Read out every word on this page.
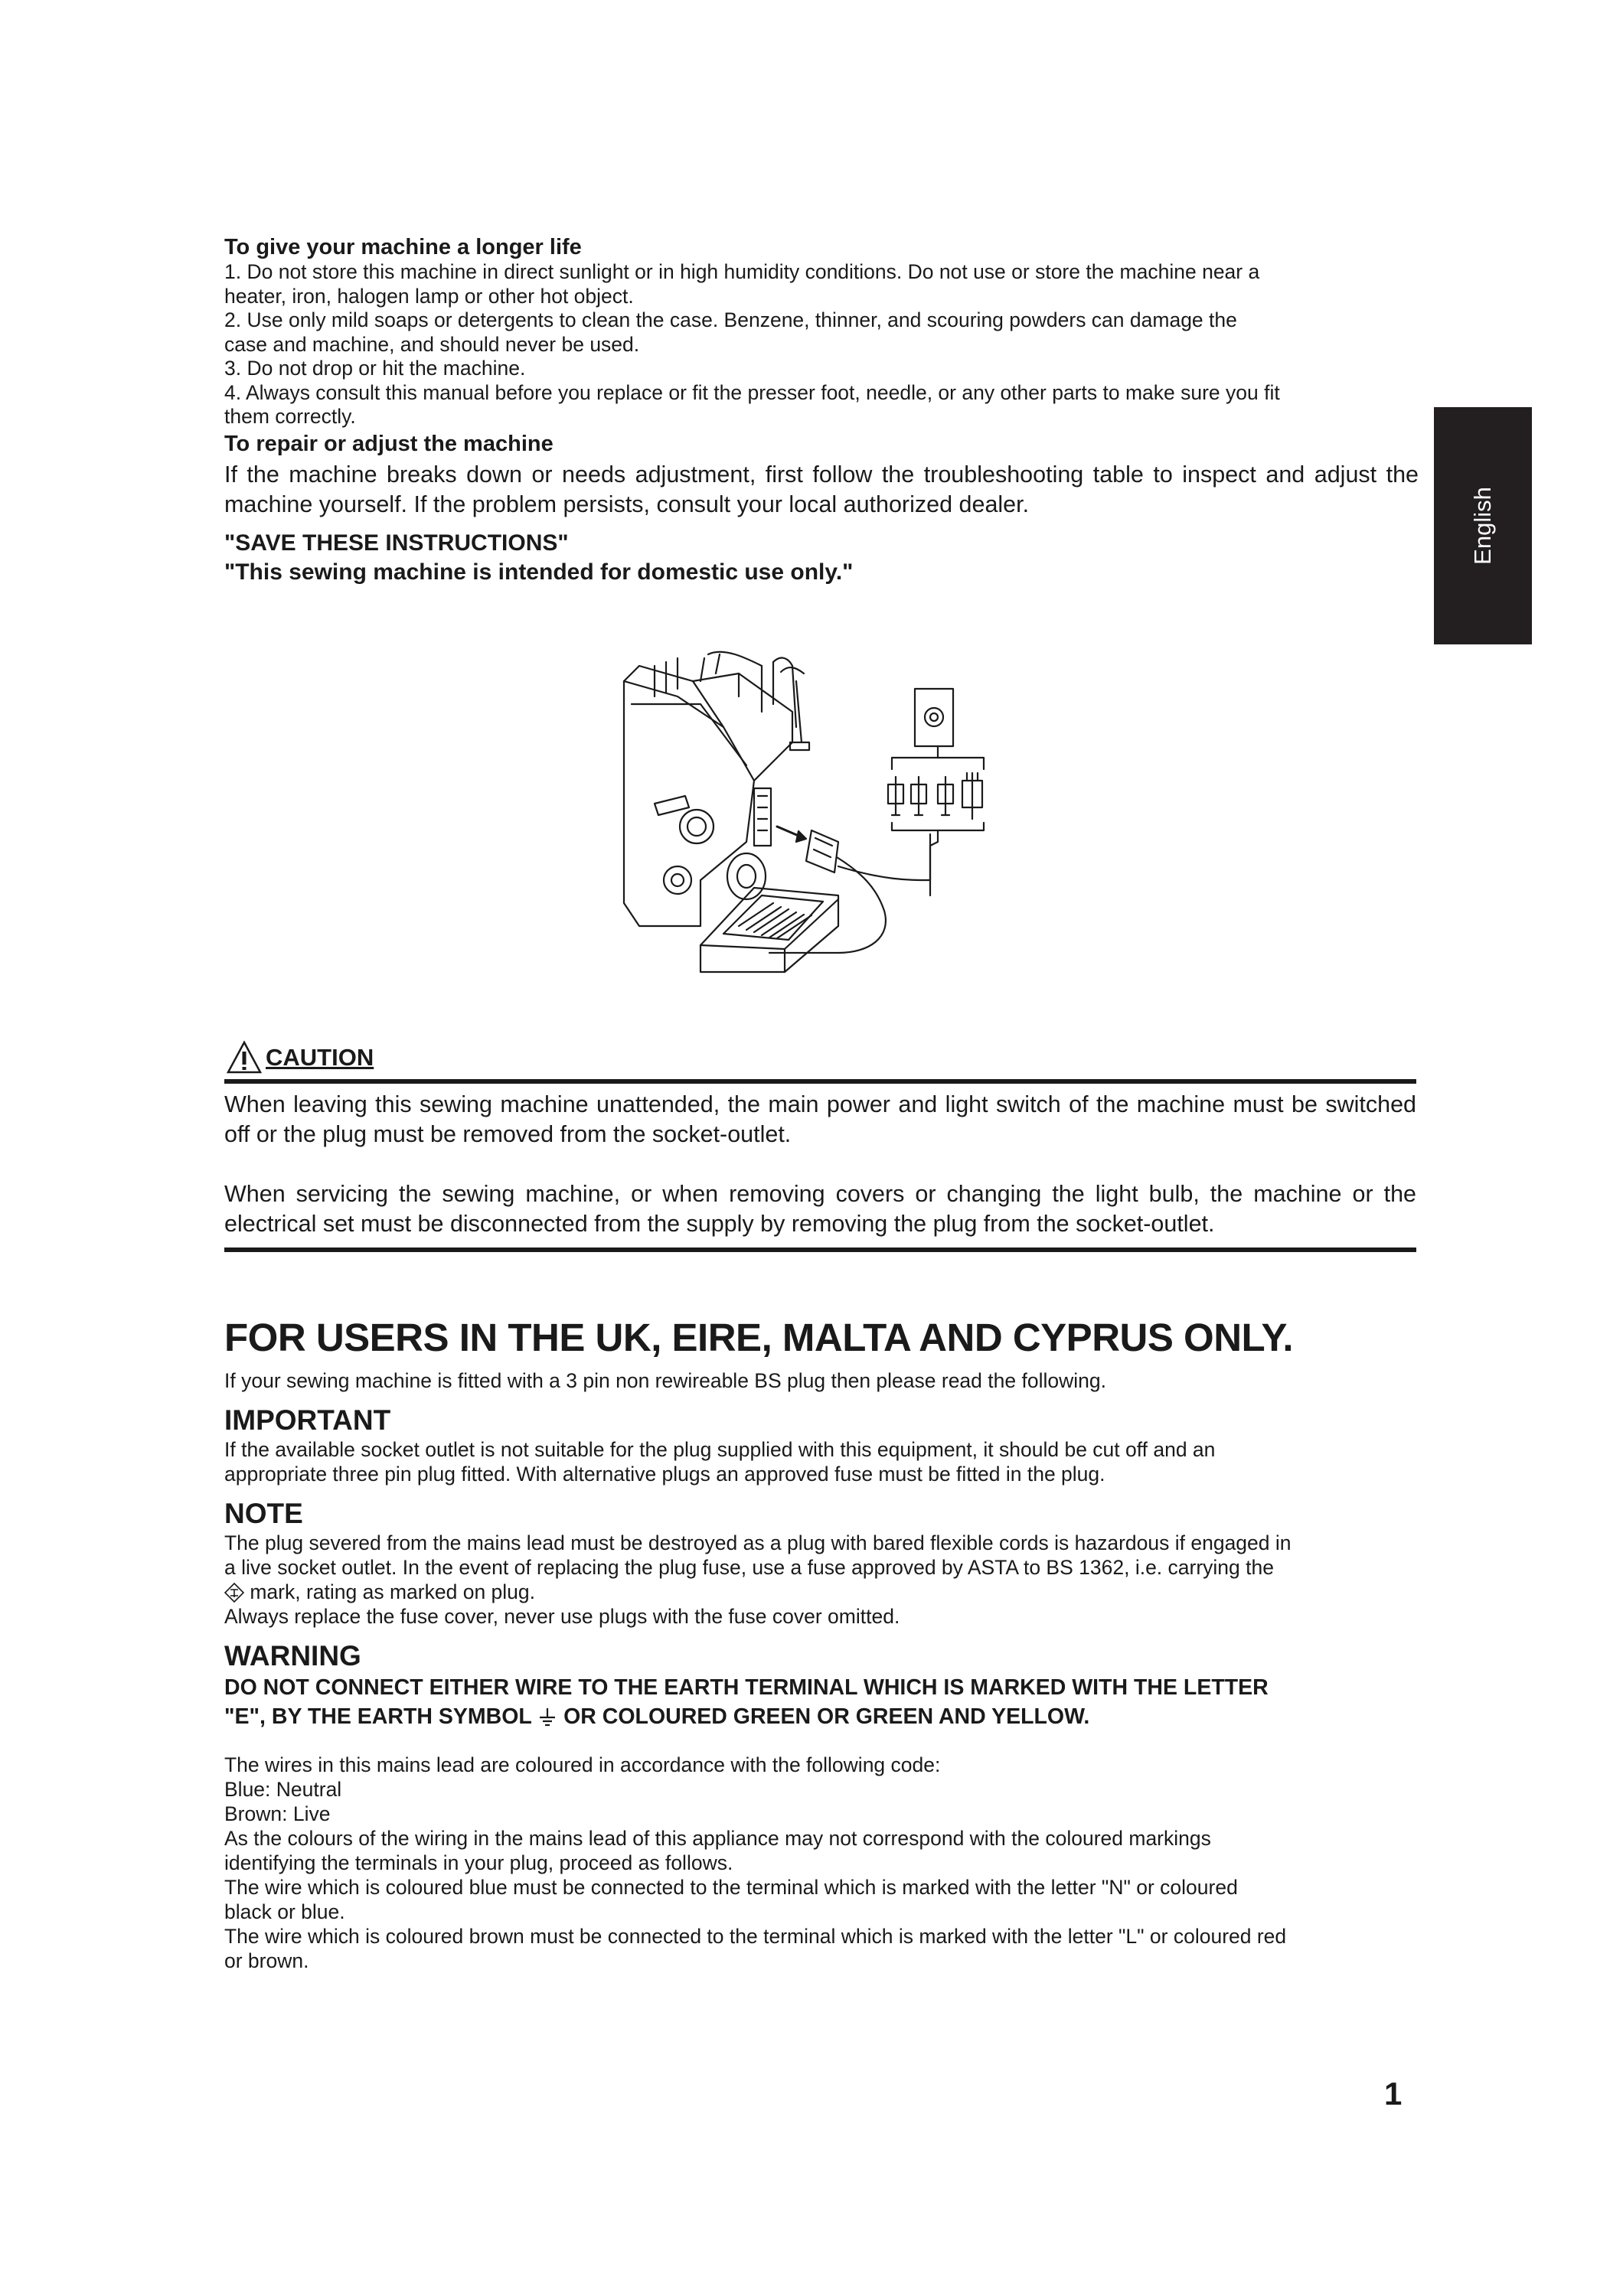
English
To give your machine a longer life
1. Do not store this machine in direct sunlight or in high humidity conditions. Do not use or store the machine near a
heater, iron, halogen lamp or other hot object.
2. Use only mild soaps or detergents to clean the case. Benzene, thinner, and scouring powders can damage the
case and machine, and should never be used.
3. Do not drop or hit the machine.
4. Always consult this manual before you replace or fit the presser foot, needle, or any other parts to make sure you fit
them correctly.
To repair or adjust the machine

If the machine breaks down or needs adjustment, first follow the troubleshooting table to inspect and adjust the machine yourself. If the problem persists, consult your local authorized dealer.

"SAVE THESE INSTRUCTIONS"
"This sewing machine is intended for domestic use only."
CAUTION

When leaving this sewing machine unattended, the main power and light switch of the machine must be switched off or the plug must be removed from the socket-outlet.

When servicing the sewing machine, or when removing covers or changing the light bulb, the machine or the electrical set must be disconnected from the supply by removing the plug from the socket-outlet.

FOR USERS IN THE UK, EIRE, MALTA AND CYPRUS ONLY.
If your sewing machine is fitted with a 3 pin non rewireable BS plug then please read the following.
IMPORTANT
If the available socket outlet is not suitable for the plug supplied with this equipment, it should be cut off and an
appropriate three pin plug fitted. With alternative plugs an approved fuse must be fitted in the plug.
NOTE
The plug severed from the mains lead must be destroyed as a plug with bared flexible cords is hazardous if engaged in
a live socket outlet. In the event of replacing the plug fuse, use a fuse approved by ASTA to BS 1362, i.e. carrying the
mark, rating as marked on plug.
Always replace the fuse cover, never use plugs with the fuse cover omitted.
WARNING
DO NOT CONNECT EITHER WIRE TO THE EARTH TERMINAL WHICH IS MARKED WITH THE LETTER
"E", BY THE EARTH SYMBOL OR COLOURED GREEN OR GREEN AND YELLOW.
The wires in this mains lead are coloured in accordance with the following code:
Blue: Neutral
Brown: Live
As the colours of the wiring in the mains lead of this appliance may not correspond with the coloured markings
identifying the terminals in your plug, proceed as follows.
The wire which is coloured blue must be connected to the terminal which is marked with the letter "N" or coloured
black or blue.
The wire which is coloured brown must be connected to the terminal which is marked with the letter "L" or coloured red
or brown.
1
